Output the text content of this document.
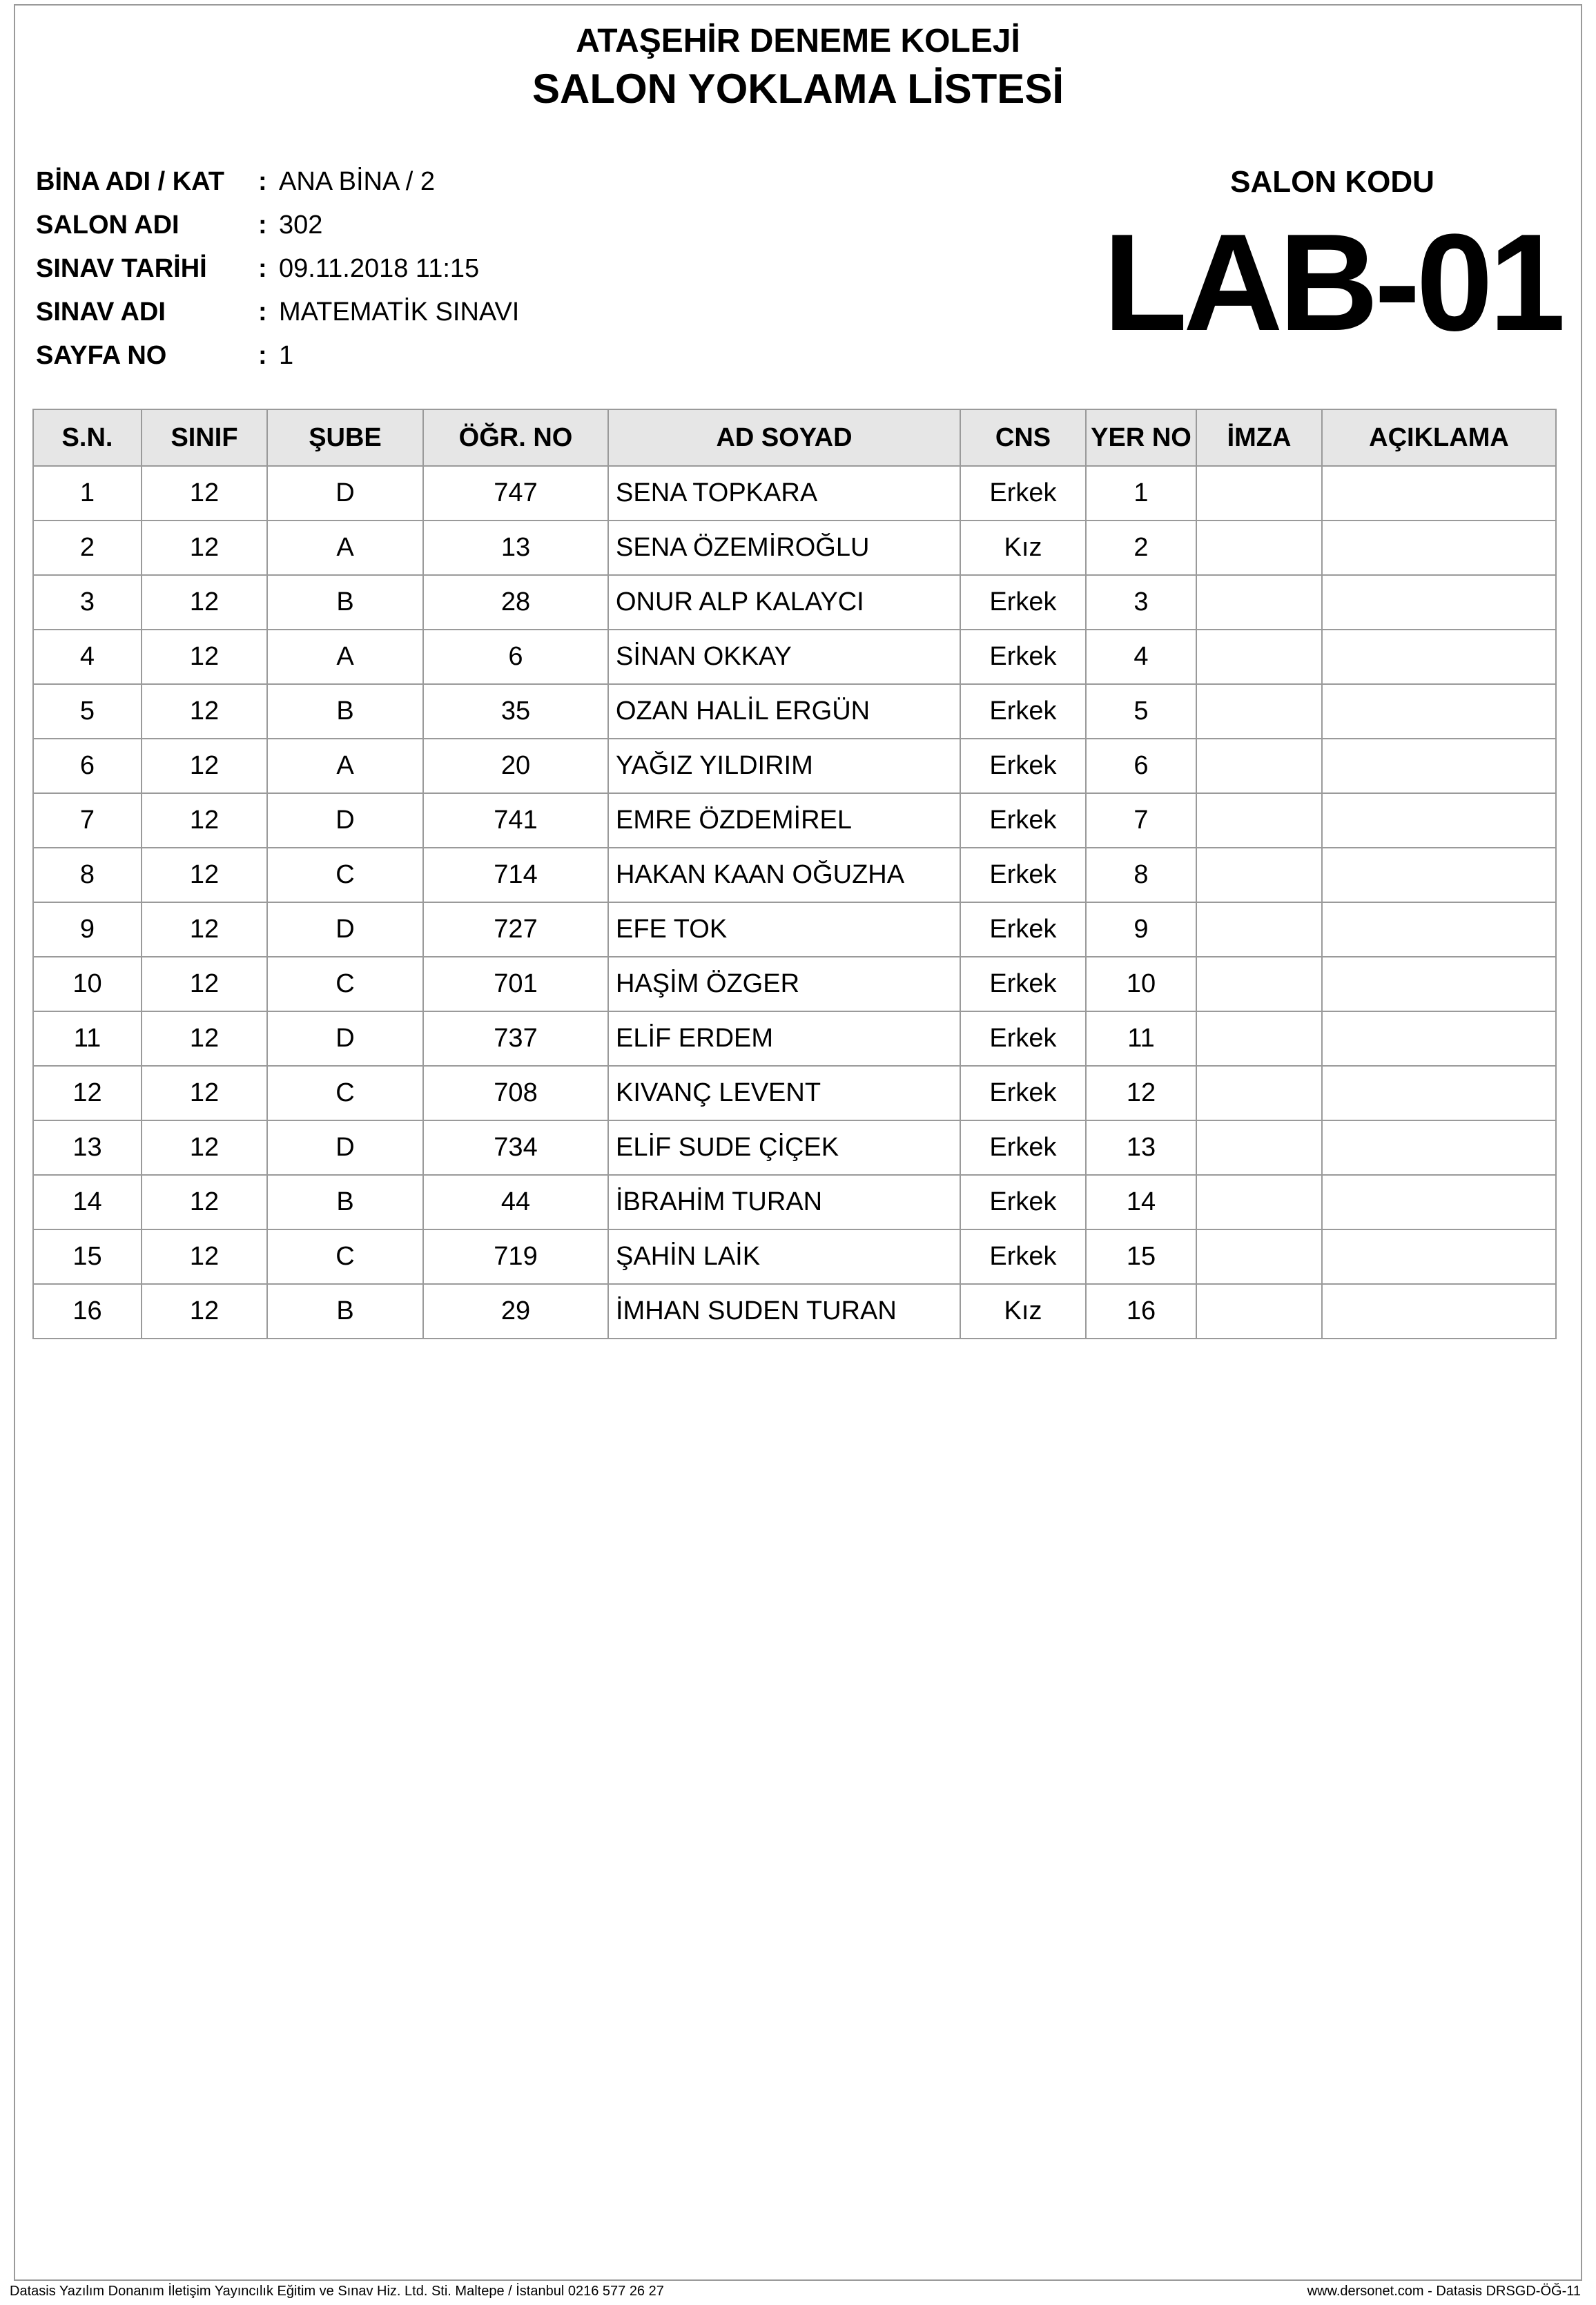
ATAŞEHİR DENEME KOLEJİ
SALON YOKLAMA LİSTESİ
BİNA ADI / KAT	: ANA BİNA / 2
SALON ADI	: 302
SINAV TARİHİ	: 09.11.2018 11:15
SINAV ADI	: MATEMATİK SINAVI
SAYFA NO	: 1
SALON KODU
LAB-01
S.N.	SINIF	ŞUBE	ÖĞR. NO	AD SOYAD	CNS	YER NO	İMZA	AÇIKLAMA
1	12	D	747	SENA TOPKARA	Erkek	1		
2	12	A	13	SENA ÖZEMİROĞLU	Kız	2		
3	12	B	28	ONUR ALP KALAYCI	Erkek	3		
4	12	A	6	SİNAN OKKAY	Erkek	4		
5	12	B	35	OZAN HALİL ERGÜN	Erkek	5		
6	12	A	20	YAĞIZ YILDIRIM	Erkek	6		
7	12	D	741	EMRE ÖZDEMİREL	Erkek	7		
8	12	C	714	HAKAN KAAN OĞUZHA	Erkek	8		
9	12	D	727	EFE TOK	Erkek	9		
10	12	C	701	HAŞİM ÖZGER	Erkek	10		
11	12	D	737	ELİF ERDEM	Erkek	11		
12	12	C	708	KIVANÇ LEVENT	Erkek	12		
13	12	D	734	ELİF SUDE ÇİÇEK	Erkek	13		
14	12	B	44	İBRAHİM TURAN	Erkek	14		
15	12	C	719	ŞAHİN LAİK	Erkek	15		
16	12	B	29	İMHAN SUDEN TURAN	Kız	16		
Datasis Yazılım Donanım İletişim Yayıncılık Eğitim ve Sınav Hiz. Ltd. Sti. Maltepe / İstanbul 0216 577 26 27	www.dersonet.com - Datasis DRSGD-ÖĞ-11
